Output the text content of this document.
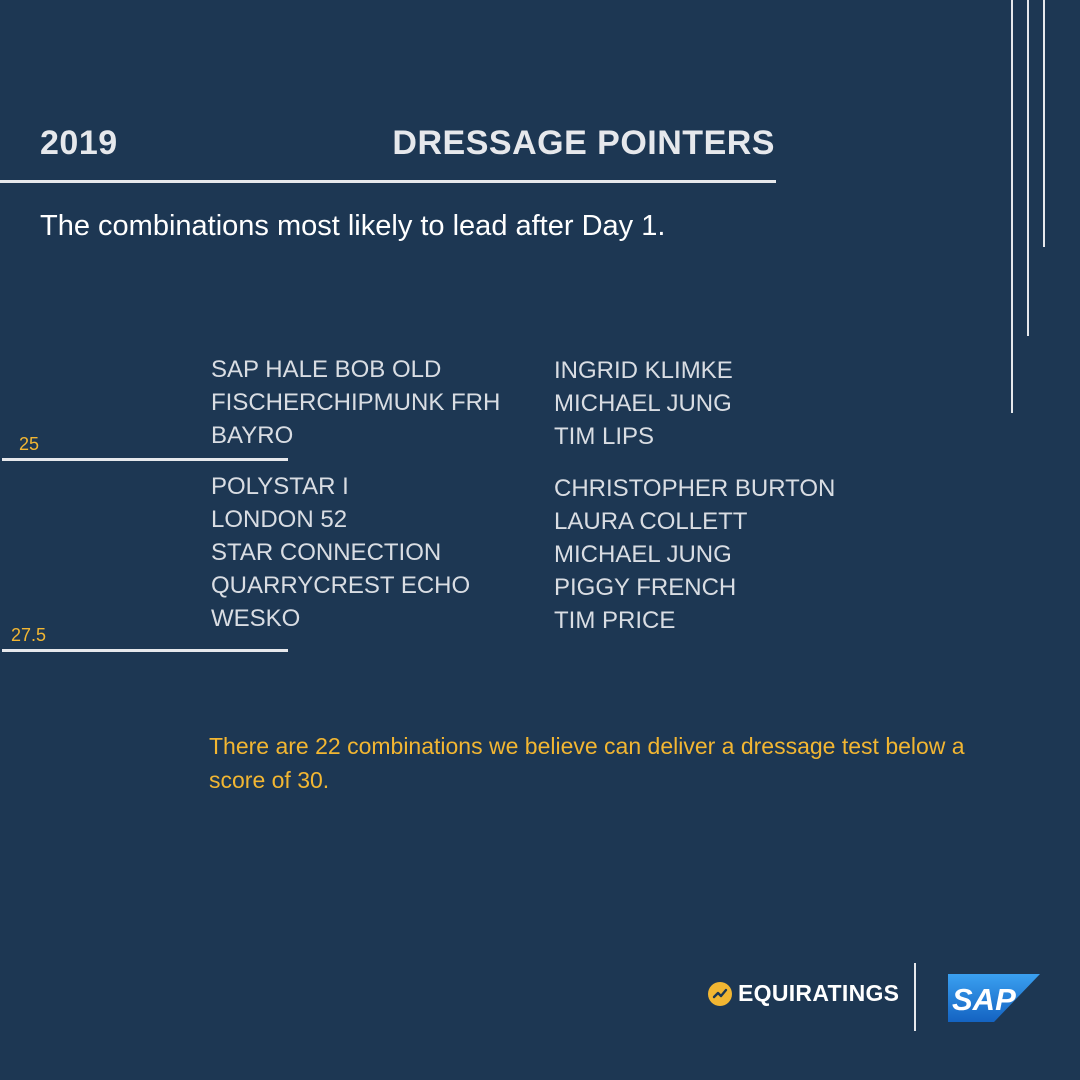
2019	DRESSAGE POINTERS
The combinations most likely to lead after Day 1.
SAP HALE BOB OLD
FISCHERCHIPMUNK FRH
BAYRO
INGRID KLIMKE
MICHAEL JUNG
TIM LIPS
25
POLYSTAR I
LONDON 52
STAR CONNECTION
QUARRYCREST ECHO
WESKO
CHRISTOPHER BURTON
LAURA COLLETT
MICHAEL JUNG
PIGGY FRENCH
TIM PRICE
27.5
There are 22 combinations we believe can deliver a dressage test below a score of 30.
EQUIRATINGS SAP
